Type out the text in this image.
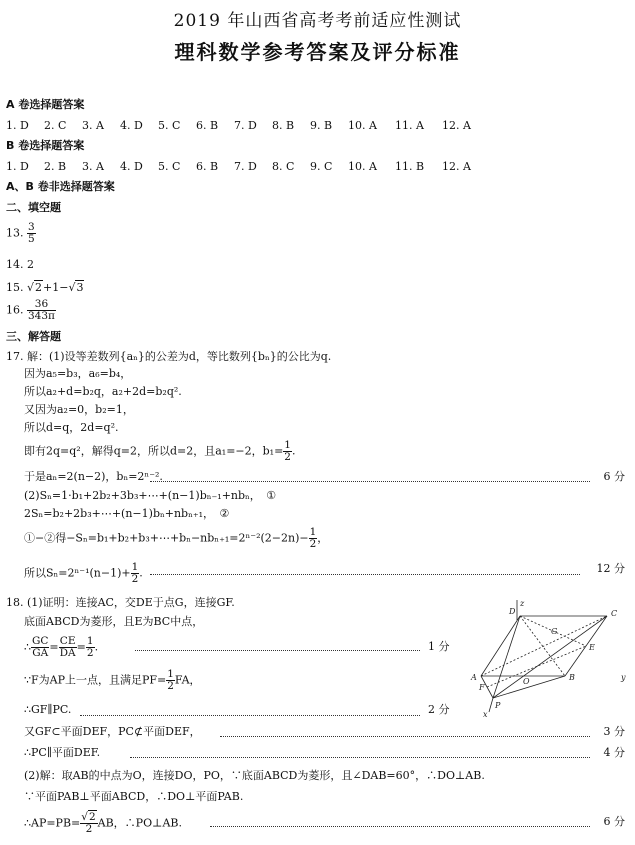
2019 年山西省高考考前适应性测试
理科数学参考答案及评分标准
A 卷选择题答案
1. D 2. C 3. A 4. D 5. C 6. B 7. D 8. B 9. B 10. A 11. A 12. A
B 卷选择题答案
1. D 2. B 3. A 4. D 5. C 6. B 7. D 8. C 9. C 10. A 11. B 12. A
A、B 卷非选择题答案
二、填空题
13. $\frac{3}{5}$
14. 2
15. √2+1−√3
16. $\frac{36}{343\pi}$
三、解答题
17. 解：(1)设等差数列{aₙ}的公差为d，等比数列{bₙ}的公比为q.
因为a₅=b₃，a₆=b₄，
所以a₂+d=b₂q，a₂+2d=b₂q².
又因为a₂=0，b₂=1，
所以d=q，2d=q².
即有2q=q²，解得q=2，所以d=2，且a₁=−2，$b_1= \frac{1}{2}$ .
于是aₙ=2(n−2)，bₙ=2ⁿ⁻².	6 分
(2)Sₙ=1·b₁+2b₂+3b₃+⋯+(n−1)bₙ₋₁+nbₙ，　①
2Sₙ=b₂+2b₃+⋯+(n−1)bₙ+nbₙ₊₁，　②
①−②得−Sₙ=b₁+b₂+b₃+⋯+bₙ−nbₙ₊₁=2ⁿ⁻²(2−2n)− $\frac{1}{2}$ ，
所以$S_n=2^{n-1}(n-1)+ \frac{1}{2}$ .	12 分
18. (1)证明：连接AC，交DE于点G，连接GF.
底面ABCD为菱形，且E为BC中点，
∴ $\frac{GC}{GA} = \frac{CE}{DA} = \frac{1}{2}$ .	1 分
∵F为AP上一点，且满足$PF= \frac{1}{2}$ FA，
∴GF∥PC.	2 分
又GF⊂平面DEF，PC⊄平面DEF，	3 分
∴PC∥平面DEF.	4 分
(2)解：取AB的中点为O，连接DO，PO，∵底面ABCD为菱形，且∠DAB=60°，∴DO⊥AB.
∵平面PAB⊥平面ABCD，∴DO⊥平面PAB.
∴AP=PB= $\frac{√2}{2}$ AB，∴PO⊥AB.	6 分
D	C
A	B
E
O
P
F
G
z
x
y
